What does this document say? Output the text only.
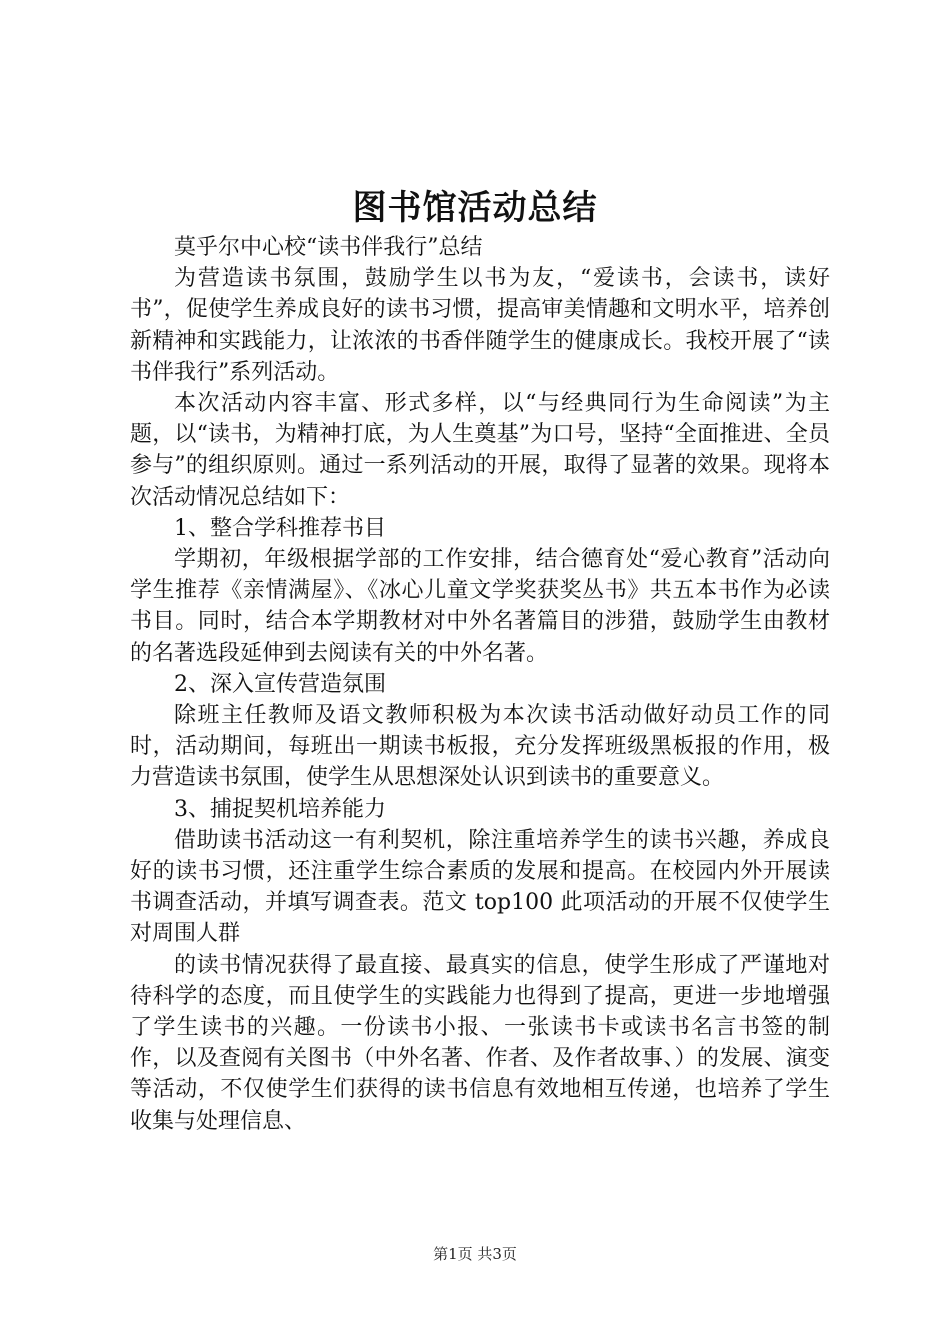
图书馆活动总结

莫乎尔中心校“读书伴我行”总结

为营造读书氛围，鼓励学生以书为友，“爱读书，会读书，读好书”，促使学生养成良好的读书习惯，提高审美情趣和文明水平，培养创新精神和实践能力，让浓浓的书香伴随学生的健康成长。我校开展了“读书伴我行”系列活动。

本次活动内容丰富、形式多样，以“与经典同行为生命阅读”为主题，以“读书，为精神打底，为人生奠基”为口号，坚持“全面推进、全员参与”的组织原则。通过一系列活动的开展，取得了显著的效果。现将本次活动情况总结如下：

1、整合学科推荐书目

学期初，年级根据学部的工作安排，结合德育处“爱心教育”活动向学生推荐《亲情满屋》、《冰心儿童文学奖获奖丛书》共五本书作为必读书目。同时，结合本学期教材对中外名著篇目的涉猎，鼓励学生由教材的名著选段延伸到去阅读有关的中外名著。

2、深入宣传营造氛围

除班主任教师及语文教师积极为本次读书活动做好动员工作的同时，活动期间，每班出一期读书板报，充分发挥班级黑板报的作用，极力营造读书氛围，使学生从思想深处认识到读书的重要意义。

3、捕捉契机培养能力

借助读书活动这一有利契机，除注重培养学生的读书兴趣，养成良好的读书习惯，还注重学生综合素质的发展和提高。在校园内外开展读书调查活动，并填写调查表。范文 top100 此项活动的开展不仅使学生对周围人群

的读书情况获得了最直接、最真实的信息，使学生形成了严谨地对待科学的态度，而且使学生的实践能力也得到了提高，更进一步地增强了学生读书的兴趣。一份读书小报、一张读书卡或读书名言书签的制作，以及查阅有关图书（中外名著、作者、及作者故事、）的发展、演变等活动，不仅使学生们获得的读书信息有效地相互传递，也培养了学生收集与处理信息、

第1页 共3页
